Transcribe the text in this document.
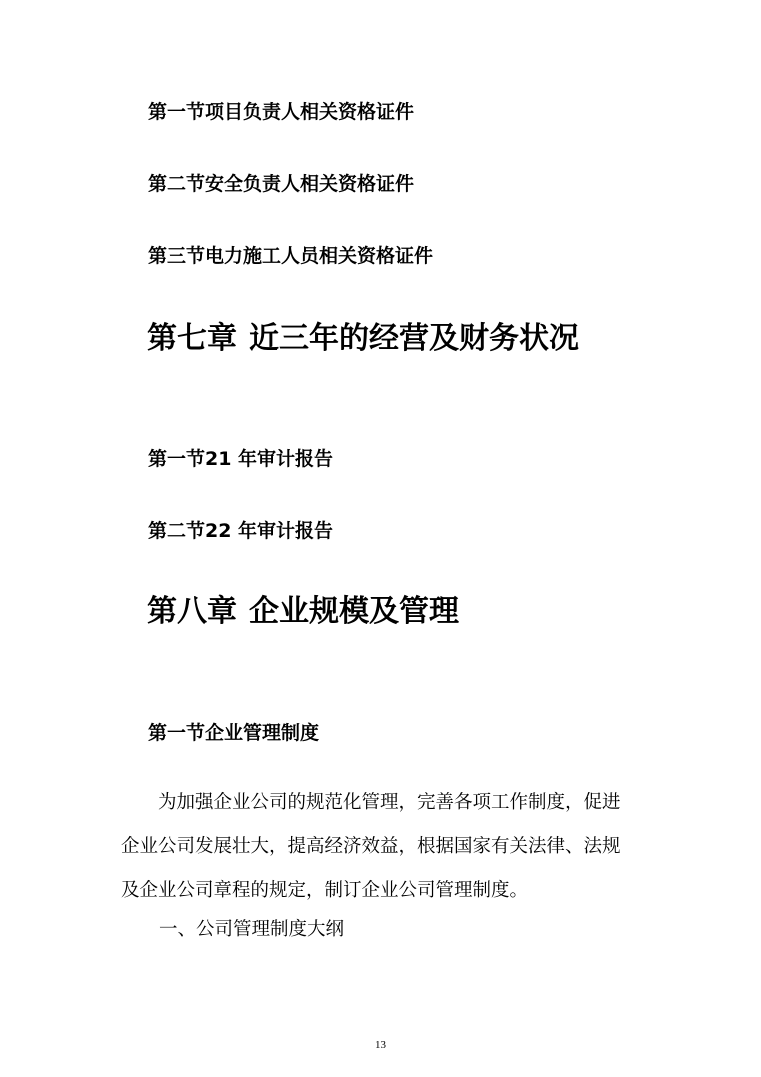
第一节项目负责人相关资格证件
第二节安全负责人相关资格证件
第三节电力施工人员相关资格证件
第七章 近三年的经营及财务状况
第一节21 年审计报告
第二节22 年审计报告
第八章 企业规模及管理
第一节企业管理制度
为加强企业公司的规范化管理，完善各项工作制度，促进
企业公司发展壮大，提高经济效益，根据国家有关法律、法规
及企业公司章程的规定，制订企业公司管理制度。

一、公司管理制度大纲

13
